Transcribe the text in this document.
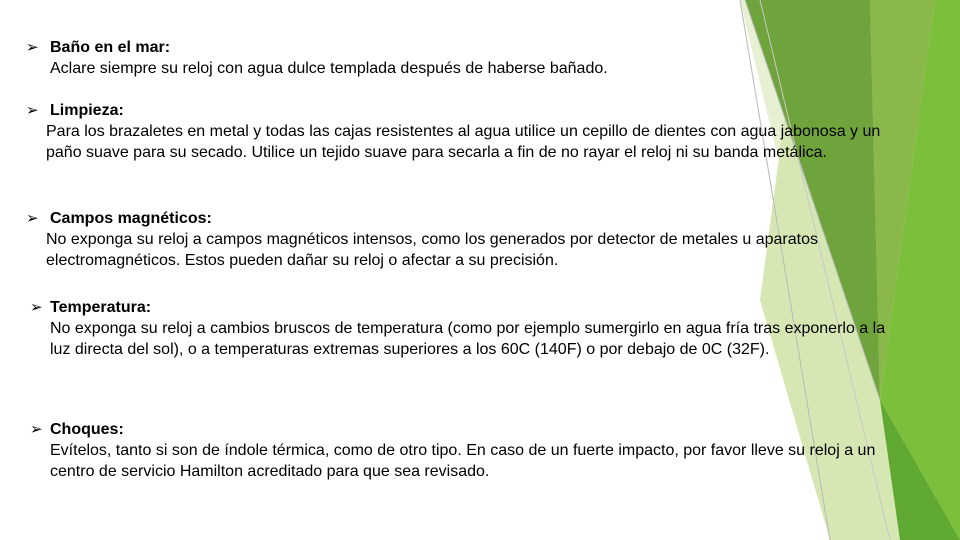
➢ Baño en el mar:
Aclare siempre su reloj con agua dulce templada después de haberse bañado.
➢ Limpieza:
Para los brazaletes en metal y todas las cajas resistentes al agua utilice un cepillo de dientes con agua jabonosa y un paño suave para su secado. Utilice un tejido suave para secarla a fin de no rayar el reloj ni su banda metálica.
➢ Campos magnéticos:
No exponga su reloj a campos magnéticos intensos, como los generados por detector de metales u aparatos electromagnéticos. Estos pueden dañar su reloj o afectar a su precisión.
➢ Temperatura:
No exponga su reloj a cambios bruscos de temperatura (como por ejemplo sumergirlo en agua fría tras exponerlo a la luz directa del sol), o a temperaturas extremas superiores a los 60C (140F) o por debajo de 0C (32F).
➢ Choques:
Evítelos, tanto si son de índole térmica, como de otro tipo. En caso de un fuerte impacto, por favor lleve su reloj a un centro de servicio Hamilton acreditado para que sea revisado.
